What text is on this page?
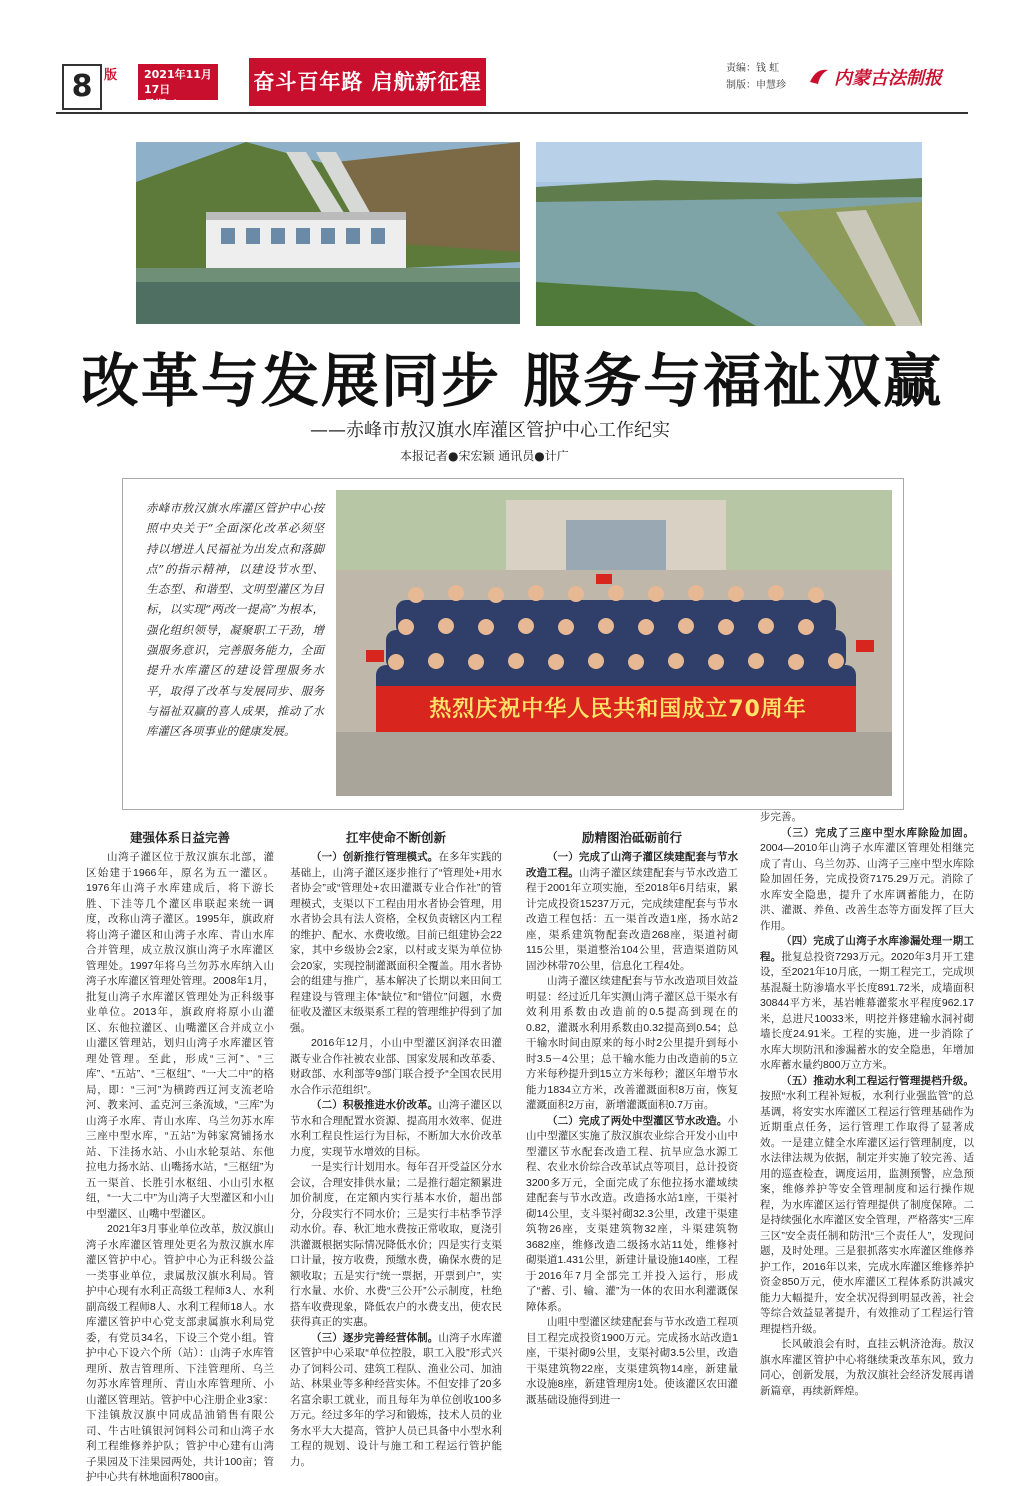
8 版 2021年11月17日
星期三
奋斗百年路 启航新征程
责编：钱 虹
制版：申慧珍	内蒙古法制报
改革与发展同步 服务与福祉双赢
——赤峰市敖汉旗水库灌区管护中心工作纪实
本报记者●宋宏颖 通讯员●计广
赤峰市敖汉旗水库灌区管护中心按照中央关于“全面深化改革必须坚持以增进人民福祉为出发点和落脚点”的指示精神，以建设节水型、生态型、和谐型、文明型灌区为目标，以实现“两改一提高”为根本，强化组织领导，凝聚职工干劲，增强服务意识，完善服务能力，全面提升水库灌区的建设管理服务水平，取得了改革与发展同步、服务与福祉双赢的喜人成果，推动了水库灌区各项事业的健康发展。
热烈庆祝中华人民共和国成立70周年
建强体系日益完善

山湾子灌区位于敖汉旗东北部，灌区始建于1966年，原名为五一灌区。1976年山湾子水库建成后，将下游长胜、下洼等几个灌区串联起来统一调度，改称山湾子灌区。1995年，旗政府将山湾子灌区和山湾子水库、青山水库合并管理，成立敖汉旗山湾子水库灌区管理处。1997年将乌兰勿苏水库纳入山湾子水库灌区管理处管理。2008年1月，批复山湾子水库灌区管理处为正科级事业单位。2013年，旗政府将原小山灌区、东他拉灌区、山嘴灌区合并成立小山灌区管理站，划归山湾子水库灌区管理处管理。至此，形成“三河”、“三库”、“五站”、“三枢纽”、“一大二中”的格局，即：“三河”为横跨西辽河支流老哈河、教来河、孟克河三条流域，“三库”为山湾子水库、青山水库、乌兰勿苏水库三座中型水库，“五站”为韩家窝铺扬水站、下洼扬水站、小山水轮泵站、东他拉电力扬水站、山嘴扬水站，“三枢纽”为五一渠首、长胜引水枢纽、小山引水枢纽，“一大二中”为山湾子大型灌区和小山中型灌区、山嘴中型灌区。

2021年3月事业单位改革，敖汉旗山湾子水库灌区管理处更名为敖汉旗水库灌区管护中心。管护中心为正科级公益一类事业单位，隶属敖汉旗水利局。管护中心现有水利正高级工程师3人、水利副高级工程师8人、水利工程师18人。水库灌区管护中心党支部隶属旗水利局党委，有党员34名，下设三个党小组。管护中心下设六个所（站）：山湾子水库管理所、敖吉管理所、下洼管理所、乌兰勿苏水库管理所、青山水库管理所、小山灌区管理站。管护中心注册企业3家：下洼镇敖汉旗中同成品油销售有限公司、牛古吐镇银河饲料公司和山湾子水利工程维修养护队；管护中心建有山湾子果园及下洼果园两处，共计100亩；管护中心共有林地面积7800亩。

扛牢使命不断创新

（一）创新推行管理模式。在多年实践的基础上，山湾子灌区逐步推行了“管理处+用水者协会”或“管理处+农田灌溉专业合作社”的管理模式，支渠以下工程由用水者协会管理，用水者协会具有法人资格，全权负责辖区内工程的维护、配水、水费收缴。目前已组建协会22家，其中乡级协会2家，以村或支渠为单位协会20家，实现控制灌溉面积全覆盖。用水者协会的组建与推广，基本解决了长期以来田间工程建设与管理主体“缺位”和“错位”问题，水费征收及灌区末级渠系工程的管理维护得到了加强。

2016年12月，小山中型灌区润泽农田灌溉专业合作社被农业部、国家发展和改革委、财政部、水利部等9部门联合授予“全国农民用水合作示范组织”。

（二）积极推进水价改革。山湾子灌区以节水和合理配置水资源、提高用水效率、促进水利工程良性运行为目标，不断加大水价改革力度，实现节水增效的目标。

一是实行计划用水。每年召开受益区分水会议，合理安排供水量；二是推行超定额累进加价制度，在定额内实行基本水价，超出部分，分段实行不同水价；三是实行丰枯季节浮动水价。春、秋汇地水费按正常收取，夏浇引洪灌溉根据实际情况降低水价；四是实行支渠口计量，按方收费，预缴水费，确保水费的足额收取；五是实行“统一票据，开票到户”，实行水量、水价、水费“三公开”公示制度，杜绝搭车收费现象，降低农户的水费支出，使农民获得真正的实惠。

（三）逐步完善经营体制。山湾子水库灌区管护中心采取“单位控股，职工入股”形式兴办了饲料公司、建筑工程队、渔业公司、加油站、林果业等多种经营实体。不但安排了20多名富余职工就业，而且每年为单位创收100多万元。经过多年的学习和锻炼，技术人员的业务水平大大提高，管护人员已具备中小型水利工程的规划、设计与施工和工程运行管护能力。

励精图治砥砺前行

（一）完成了山湾子灌区续建配套与节水改造工程。山湾子灌区续建配套与节水改造工程于2001年立项实施，至2018年6月结束，累计完成投资15237万元，完成续建配套与节水改造工程包括：五一渠首改造1座，扬水站2座，渠系建筑物配套改造268座，渠道衬砌115公里，渠道整治104公里，营造渠道防风固沙林带70公里，信息化工程4处。

山湾子灌区续建配套与节水改造项目效益明显：经过近几年实测山湾子灌区总干渠水有效利用系数由改造前的0.5提高到现在的0.82，灌溉水利用系数由0.32提高到0.54；总干输水时间由原来的每小时2公里提升到每小时3.5－4公里；总干输水能力由改造前的5立方米每秒提升到15立方米每秒；灌区年增节水能力1834立方米，改善灌溉面积8万亩，恢复灌溉面积2万亩，新增灌溉面积0.7万亩。

（二）完成了两处中型灌区节水改造。小山中型灌区实施了敖汉旗农业综合开发小山中型灌区节水配套改造工程、抗旱应急水源工程、农业水价综合改革试点等项目，总计投资3200多万元，全面完成了东他拉扬水灌域续建配套与节水改造。改造扬水站1座，干渠衬砌14公里，支斗渠衬砌32.3公里，改建干渠建筑物26座，支渠建筑物32座，斗渠建筑物3682座，维修改造二级扬水站11处，维修衬砌渠道1.431公里，新建计量设施140座，工程于2016年7月全部完工并投入运行，形成了“蓄、引、输、灌”为一体的农田水利灌溉保障体系。

山咀中型灌区续建配套与节水改造工程项目工程完成投资1900万元。完成扬水站改造1座，干渠衬砌9公里，支渠衬砌3.5公里，改造干渠建筑物22座，支渠建筑物14座，新建量水设施8座，新建管理房1处。使该灌区农田灌溉基础设施得到进一

步完善。

（三）完成了三座中型水库除险加固。2004—2010年山湾子水库灌区管理处相继完成了青山、乌兰勿苏、山湾子三座中型水库除险加固任务，完成投资7175.29万元。消除了水库安全隐患，提升了水库调蓄能力，在防洪、灌溉、养鱼、改善生态等方面发挥了巨大作用。

（四）完成了山湾子水库渗漏处理一期工程。批复总投资7293万元。2020年3月开工建设，至2021年10月底，一期工程完工，完成坝基混凝土防渗墙水平长度891.72米，成墙面积30844平方米，基岩帷幕灌浆水平程度962.17米，总进尺10033米，明挖并修建输水洞衬砌墙长度24.91米。工程的实施，进一步消除了水库大坝防汛和渗漏蓄水的安全隐患，年增加水库蓄水量约800万立方米。

（五）推动水利工程运行管理提档升级。按照“水利工程补短板，水利行业强监管”的总基调，将安实水库灌区工程运行管理基础作为近期重点任务，运行管理工作取得了显著成效。一是建立健全水库灌区运行管理制度，以水法律法规为依据，制定并实施了较完善、适用的巡查检查，调度运用，监测预警，应急预案，维修养护等安全管理制度和运行操作规程，为水库灌区运行管理提供了制度保障。二是持续强化水库灌区安全管理，严格落实“三库三区”安全责任制和防汛“三个责任人”，发现问题，及时处理。三是狠抓落实水库灌区维修养护工作，2016年以来，完成水库灌区维修养护资金850万元，使水库灌区工程体系防洪减灾能力大幅提升，安全状况得到明显改善，社会等综合效益显著提升，有效推动了工程运行管理提档升级。

长风破浪会有时，直挂云帆济沧海。敖汉旗水库灌区管护中心将继续秉改革东风，致力同心，创新发展，为敖汉旗社会经济发展再谱新篇章，再续新辉煌。
